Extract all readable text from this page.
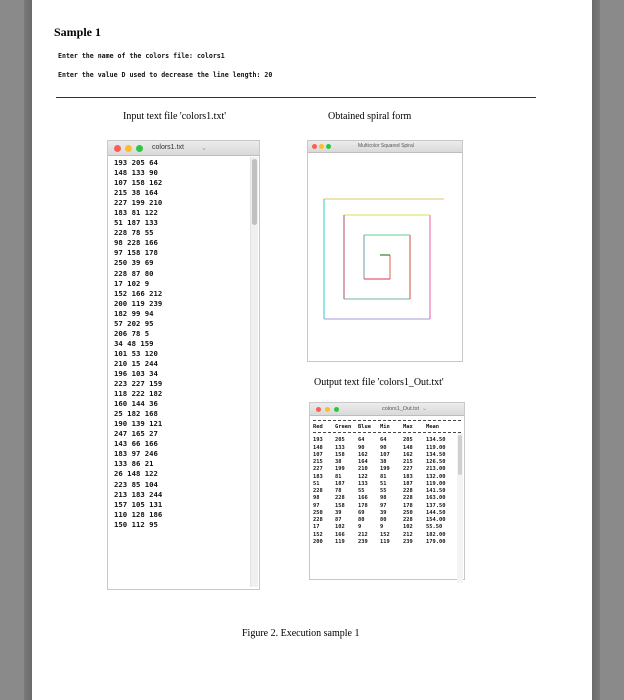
Sample 1
Enter the name of the colors file: colors1
Enter the value D used to decrease the line length: 20
Input text file 'colors1.txt'	Obtained spiral form
Output text file 'colors1_Out.txt'
Figure 2. Execution sample 1
colors1.txt ⌄
193 205 64
148 133 90
107 158 162
215 38 164
227 199 210
183 81 122
51 187 133
228 78 55
98 228 166
97 158 178
250 39 69
228 87 80
17 102 9
152 166 212
200 119 239
182 99 94
57 202 95
206 78 5
34 48 159
101 53 120
210 15 244
196 103 34
223 227 159
118 222 182
160 144 36
25 182 168
190 139 121
247 165 27
143 66 166
183 97 246
133 86 21
26 148 122
223 85 104
213 183 244
157 105 131
110 128 186
150 112 95
Multicolor Squared Spiral
colors1_Out.txt ⌄
Red	Green	Blue	Min	Max	Mean
193	205	64	64	205	134.50
148	133	90	90	148	119.00
107	158	162	107	162	134.50
215	38	164	38	215	126.50
227	199	210	199	227	213.00
183	81	122	81	183	132.00
51	187	133	51	187	119.00
228	78	55	55	228	141.50
98	228	166	98	228	163.00
97	158	178	97	178	137.50
250	39	69	39	250	144.50
228	87	80	80	228	154.00
17	102	9	9	102	55.50
152	166	212	152	212	182.00
200	119	239	119	239	179.00
